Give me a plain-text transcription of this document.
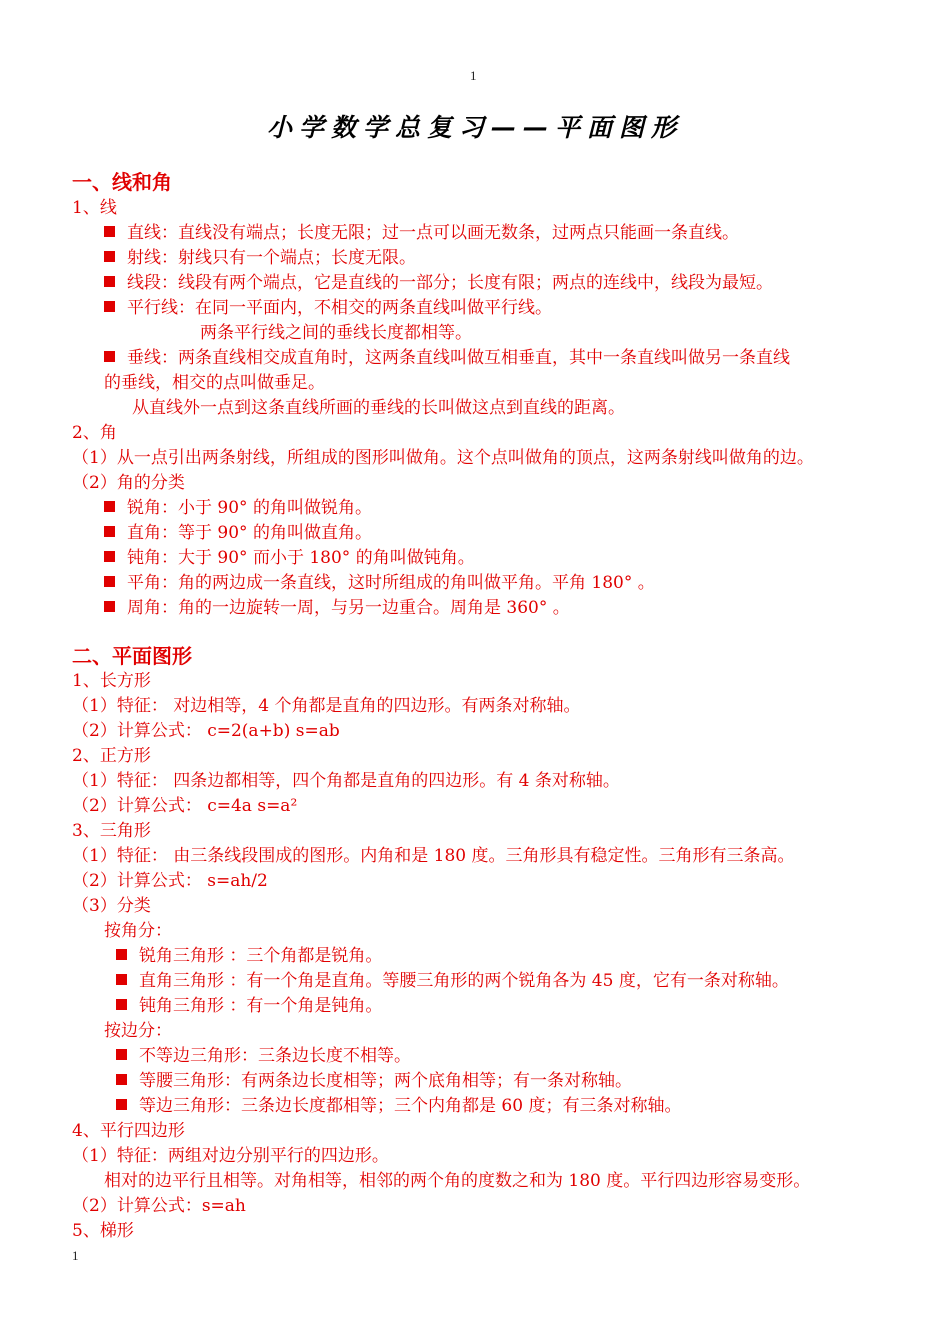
1
小学数学总复习——平面图形
一、线和角
1、线
直线：直线没有端点；长度无限；过一点可以画无数条，过两点只能画一条直线。
射线：射线只有一个端点；长度无限。
线段：线段有两个端点，它是直线的一部分；长度有限；两点的连线中，线段为最短。
平行线：在同一平面内，不相交的两条直线叫做平行线。
两条平行线之间的垂线长度都相等。
垂线：两条直线相交成直角时，这两条直线叫做互相垂直，其中一条直线叫做另一条直线
的垂线，相交的点叫做垂足。
从直线外一点到这条直线所画的垂线的长叫做这点到直线的距离。
2、角
（1）从一点引出两条射线，所组成的图形叫做角。这个点叫做角的顶点，这两条射线叫做角的边。
（2）角的分类
锐角：小于 90° 的角叫做锐角。
直角：等于 90° 的角叫做直角。
钝角：大于 90° 而小于 180° 的角叫做钝角。
平角：角的两边成一条直线，这时所组成的角叫做平角。平角 180° 。
周角：角的一边旋转一周，与另一边重合。周角是 360° 。
二、平面图形
1、长方形
（1）特征： 对边相等，4 个角都是直角的四边形。有两条对称轴。
（2）计算公式： c=2(a+b) s=ab
2、正方形
（1）特征： 四条边都相等，四个角都是直角的四边形。有 4 条对称轴。
（2）计算公式： c=4a s=a²
3、三角形
（1）特征： 由三条线段围成的图形。内角和是 180 度。三角形具有稳定性。三角形有三条高。
（2）计算公式： s=ah/2
（3）分类
按角分：
锐角三角形 ：三个角都是锐角。
直角三角形 ：有一个角是直角。等腰三角形的两个锐角各为 45 度，它有一条对称轴。
钝角三角形 ：有一个角是钝角。
按边分：
不等边三角形：三条边长度不相等。
等腰三角形：有两条边长度相等；两个底角相等；有一条对称轴。
等边三角形：三条边长度都相等；三个内角都是 60 度；有三条对称轴。
4、平行四边形
（1）特征：两组对边分别平行的四边形。
相对的边平行且相等。对角相等，相邻的两个角的度数之和为 180 度。平行四边形容易变形。
（2）计算公式：s=ah
5、梯形
1
